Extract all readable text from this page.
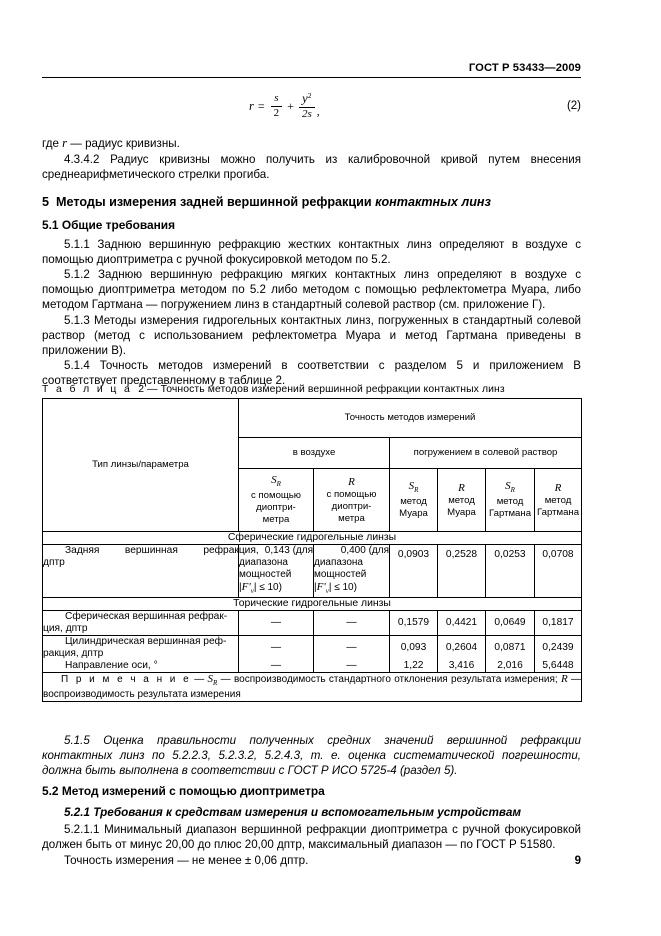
ГОСТ Р 53433—2009
$r = \frac{s}{2} + \frac{y^2}{2s}$ ,	(2)

где r — радиус кривизны.

4.3.4.2 Радиус кривизны можно получить из калибровочной кривой путем внесения среднеарифметического стрелки прогиба.

5 Методы измерения задней вершинной рефракции контактных линз
5.1 Общие требования

5.1.1 Заднюю вершинную рефракцию жестких контактных линз определяют в воздухе с помощью диоптриметра с ручной фокусировкой методом по 5.2.

5.1.2 Заднюю вершинную рефракцию мягких контактных линз определяют в воздухе с помощью диоптриметра методом по 5.2 либо методом с помощью рефлектометра Муара, либо методом Гартмана — погружением линз в стандартный солевой раствор (см. приложение Г).

5.1.3 Методы измерения гидрогельных контактных линз, погруженных в стандартный солевой раствор (метод с использованием рефлектометра Муара и метод Гартмана приведены в приложении В).

5.1.4 Точность методов измерений в соответствии с разделом 5 и приложением В соответствует представленному в таблице 2.

Т а б л и ц а 2 — Точность методов измерений вершинной рефракции контактных линз
Тип линзы/параметра	Точность методов измерений					
	в воздухе		погружением в солевой раствор			
	$S_R$
с помощью
диоптри-
метра	R
с помощью
диоптри-
метра	$S_R$
метод
Муара	R
метод
Муара	$S_R$
метод
Гартмана	R
метод
Гартмана
Сферические гидрогельные линзы						
Задняя вершинная рефракция,
дптр	0,143 (для
диапазона
мощностей
$|F'_v| \le 10$)	0,400 (для
диапазона
мощностей
$|F'_v| \le 10$)	0,0903	0,2528	0,0253	0,0708
Торические гидрогельные линзы						

Сферическая вершинная рефрак-
ция, дптр	—	—	0,1579	0,4421	0,0649	0,1817

Цилиндрическая вершинная реф-
ракция, дптр	—	—	0,093	0,2604	0,0871	0,2439

Направление оси, °	—	—	1,22	3,416	2,016	5,6448
П р и м е ч а н и е — $S_R$ — воспроизводимость стандартного отклонения результата измерения; R — воспроизводимость результата измерения						

5.1.5 Оценка правильности полученных средних значений вершинной рефракции контактных линз по 5.2.2.3, 5.2.3.2, 5.2.4.3, т. е. оценка систематической погрешности, должна быть выполнена в соответствии с ГОСТ Р ИСО 5725-4 (раздел 5).

5.2 Метод измерений с помощью диоптриметра
5.2.1 Требования к средствам измерения и вспомогательным устройствам

5.2.1.1 Минимальный диапазон вершинной рефракции диоптриметра с ручной фокусировкой должен быть от минус 20,00 до плюс 20,00 дптр, максимальный диапазон — по ГОСТ Р 51580.

Точность измерения — не менее ± 0,06 дптр.	9
